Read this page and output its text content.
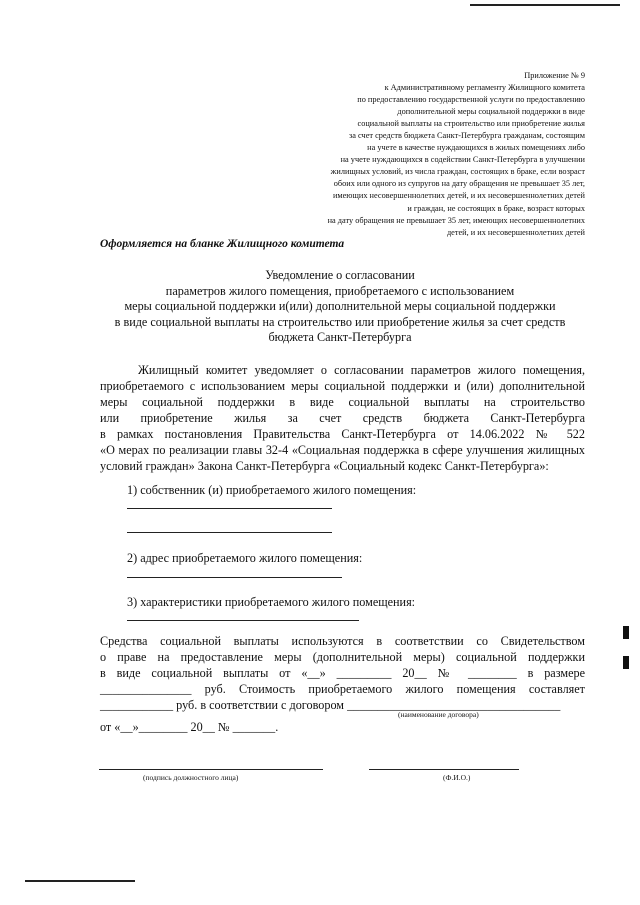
Приложение № 9
к Административному регламенту Жилищного комитета
по предоставлению государственной услуги по предоставлению
дополнительной меры социальной поддержки в виде
социальной выплаты на строительство или приобретение жилья
за счет средств бюджета Санкт-Петербурга гражданам, состоящим
на учете в качестве нуждающихся в жилых помещениях либо
на учете нуждающихся в содействии Санкт-Петербурга в улучшении
жилищных условий, из числа граждан, состоящих в браке, если возраст
обоих или одного из супругов на дату обращения не превышает 35 лет,
имеющих несовершеннолетних детей, и их несовершеннолетних детей
и граждан, не состоящих в браке, возраст которых
на дату обращения не превышает 35 лет, имеющих несовершеннолетних
детей, и их несовершеннолетних детей
Оформляется на бланке Жилищного комитета
Уведомление о согласовании
параметров жилого помещения, приобретаемого с использованием
меры социальной поддержки и(или) дополнительной меры социальной поддержки
в виде социальной выплаты на строительство или приобретение жилья за счет средств
бюджета Санкт-Петербурга
Жилищный комитет уведомляет о согласовании параметров жилого помещения,
приобретаемого с использованием меры социальной поддержки и (или) дополнительной
меры социальной поддержки в виде социальной выплаты на строительство
или приобретение жилья за счет средств бюджета Санкт-Петербурга
в рамках постановления Правительства Санкт-Петербурга от 14.06.2022 № 522
«О мерах по реализации главы 32-4 «Социальная поддержка в сфере улучшения жилищных
условий граждан» Закона Санкт-Петербурга «Социальный кодекс Санкт-Петербурга»:
1) собственник (и) приобретаемого жилого помещения:
2) адрес приобретаемого жилого помещения:
3) характеристики приобретаемого жилого помещения:
Средства социальной выплаты используются в соответствии со Свидетельством
о праве на предоставление меры (дополнительной меры) социальной поддержки
в виде социальной выплаты от «__» _________ 20__ № ________ в размере
_______________ руб. Стоимость приобретаемого жилого помещения составляет
____________ руб. в соответствии с договором ___________________________________
(наименование договора)
от «__»________ 20__ № _______.
(подпись должностного лица)	(Ф.И.О.)
